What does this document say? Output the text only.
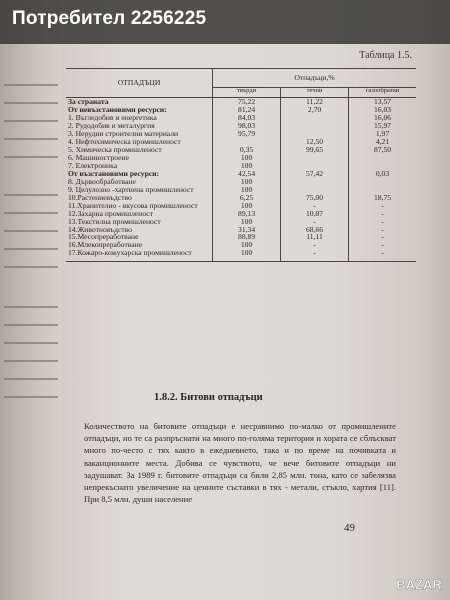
Потребител 2256225
Таблица 1.5.
ОТПАДЪЦИ	Отпадъци,%		
	твърди	течни	газообразни
За страната	75,22	11,22	13,57
От невъзстановими ресурси:	81,24	2,70	16,03
1. Въгледобив и енергетика	84,03		16,06
2. Рудодобив и металургия	98,03		15,97
3. Нерудни строителни материали	95,79		1,97
4. Нефтохимическа промишленост		12,50	4,21
5. Химическа промишленост	0,35	99,65	87,50
6. Машиностроене	100		
7. Електроника	100		
От възстановими ресурси:	42,54	57,42	0,03
8. Дървообработване	100		
9. Целулозно -хартиена промишленост	100		
10.Растениевъдство	6,25	75,00	18,75
11.Хранително - вкусова промишленост	100	-	-
12.Захарна промишленост	89,13	10,87	-
13.Текстилна промишленост	100	-	-
14.Животновъдство	31,34	68,66	-
15.Месопреработване	88,89	11,11	-
16.Млекопреработване	100	-	-
17.Кожаро-кожухарска промишленост	100	-	-
1.8.2. Битови отпадъци
Количеството на битовите отпадъци е несравнимо по-малко от промишлените отпадъци, но те са разпръснати на много по-голяма територия и хората се сблъскват много по-често с тях както в ежедневието, така и по време на почивката и ваканционните места. Добива се чувството, че вече битовите отпадъци ни задушават. За 1989 г. битовите отпадъци са били 2,85 млн. тона, като се забелязва непрекъснато увеличение на ценните съставки в тях - метали, стъкло, хартия [11]. При 8,5 млн. души население
49
BAZAR
